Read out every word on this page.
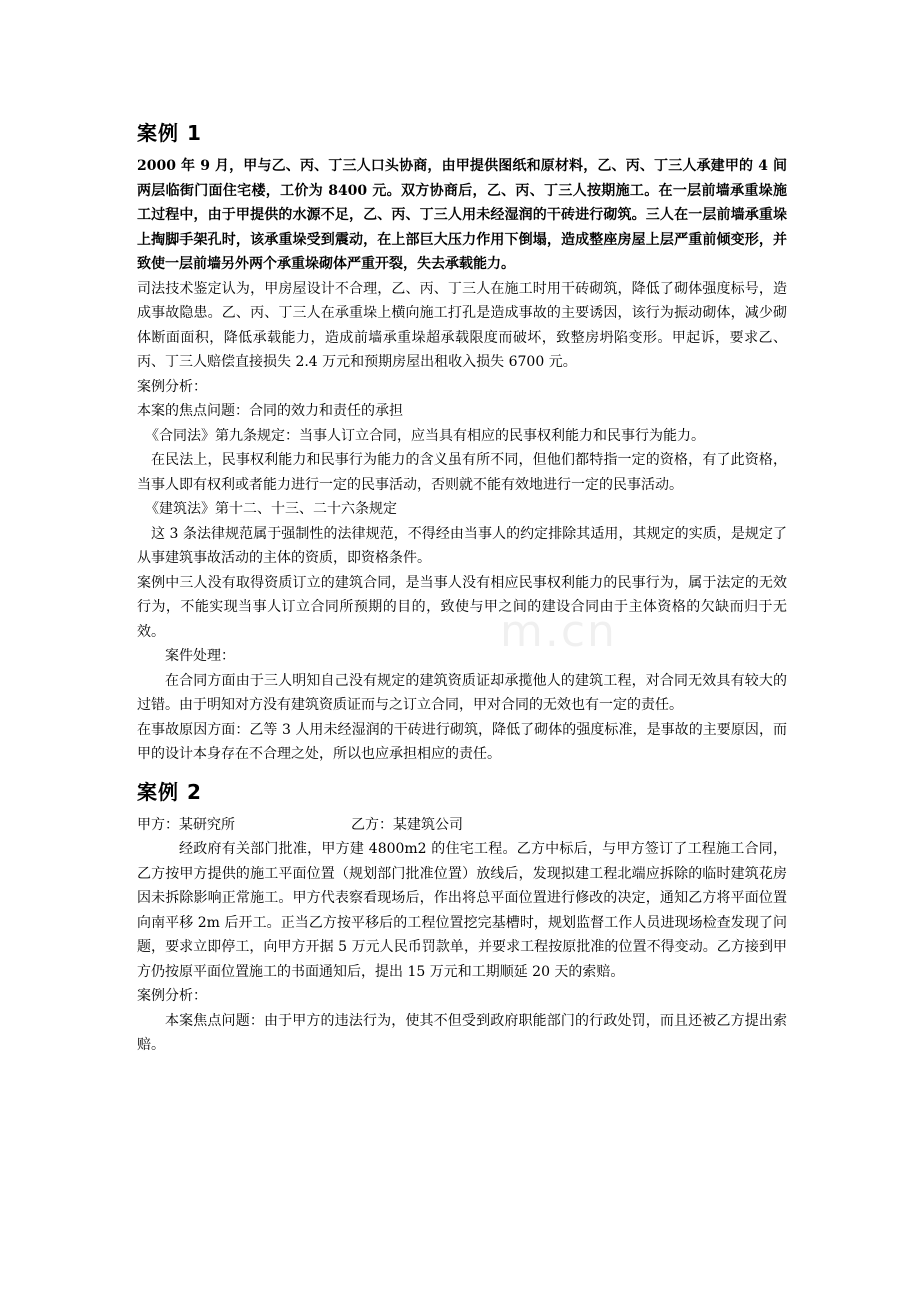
m.cn
案例 1

2000 年 9 月，甲与乙、丙、丁三人口头协商，由甲提供图纸和原材料，乙、丙、丁三人承建甲的 4 间两层临街门面住宅楼，工价为 8400 元。双方协商后，乙、丙、丁三人按期施工。在一层前墙承重垛施工过程中，由于甲提供的水源不足，乙、丙、丁三人用未经湿润的干砖进行砌筑。三人在一层前墙承重垛上掏脚手架孔时，该承重垛受到震动，在上部巨大压力作用下倒塌，造成整座房屋上层严重前倾变形，并致使一层前墙另外两个承重垛砌体严重开裂，失去承载能力。

司法技术鉴定认为，甲房屋设计不合理，乙、丙、丁三人在施工时用干砖砌筑，降低了砌体强度标号，造成事故隐患。乙、丙、丁三人在承重垛上横向施工打孔是造成事故的主要诱因，该行为振动砌体，减少砌体断面面积，降低承载能力，造成前墙承重垛超承载限度而破坏，致整房坍陷变形。甲起诉，要求乙、丙、丁三人赔偿直接损失 2.4 万元和预期房屋出租收入损失 6700 元。

案例分析：

本案的焦点问题：合同的效力和责任的承担

《合同法》第九条规定：当事人订立合同，应当具有相应的民事权利能力和民事行为能力。

在民法上，民事权利能力和民事行为能力的含义虽有所不同，但他们都特指一定的资格，有了此资格，当事人即有权利或者能力进行一定的民事活动，否则就不能有效地进行一定的民事活动。

《建筑法》第十二、十三、二十六条规定

这 3 条法律规范属于强制性的法律规范，不得经由当事人的约定排除其适用，其规定的实质，是规定了从事建筑事故活动的主体的资质，即资格条件。

案例中三人没有取得资质订立的建筑合同，是当事人没有相应民事权利能力的民事行为，属于法定的无效行为，不能实现当事人订立合同所预期的目的，致使与甲之间的建设合同由于主体资格的欠缺而归于无效。

案件处理：

在合同方面由于三人明知自己没有规定的建筑资质证却承揽他人的建筑工程，对合同无效具有较大的过错。由于明知对方没有建筑资质证而与之订立合同，甲对合同的无效也有一定的责任。

在事故原因方面：乙等 3 人用未经湿润的干砖进行砌筑，降低了砌体的强度标准，是事故的主要原因，而甲的设计本身存在不合理之处，所以也应承担相应的责任。

案例 2
甲方：某研究所	乙方：某建筑公司

经政府有关部门批准，甲方建 4800m2 的住宅工程。乙方中标后，与甲方签订了工程施工合同，乙方按甲方提供的施工平面位置（规划部门批准位置）放线后，发现拟建工程北端应拆除的临时建筑花房因未拆除影响正常施工。甲方代表察看现场后，作出将总平面位置进行修改的决定，通知乙方将平面位置向南平移 2m 后开工。正当乙方按平移后的工程位置挖完基槽时，规划监督工作人员进现场检查发现了问题，要求立即停工，向甲方开据 5 万元人民币罚款单，并要求工程按原批准的位置不得变动。乙方接到甲方仍按原平面位置施工的书面通知后，提出 15 万元和工期顺延 20 天的索赔。

案例分析：

本案焦点问题：由于甲方的违法行为，使其不但受到政府职能部门的行政处罚，而且还被乙方提出索赔。
